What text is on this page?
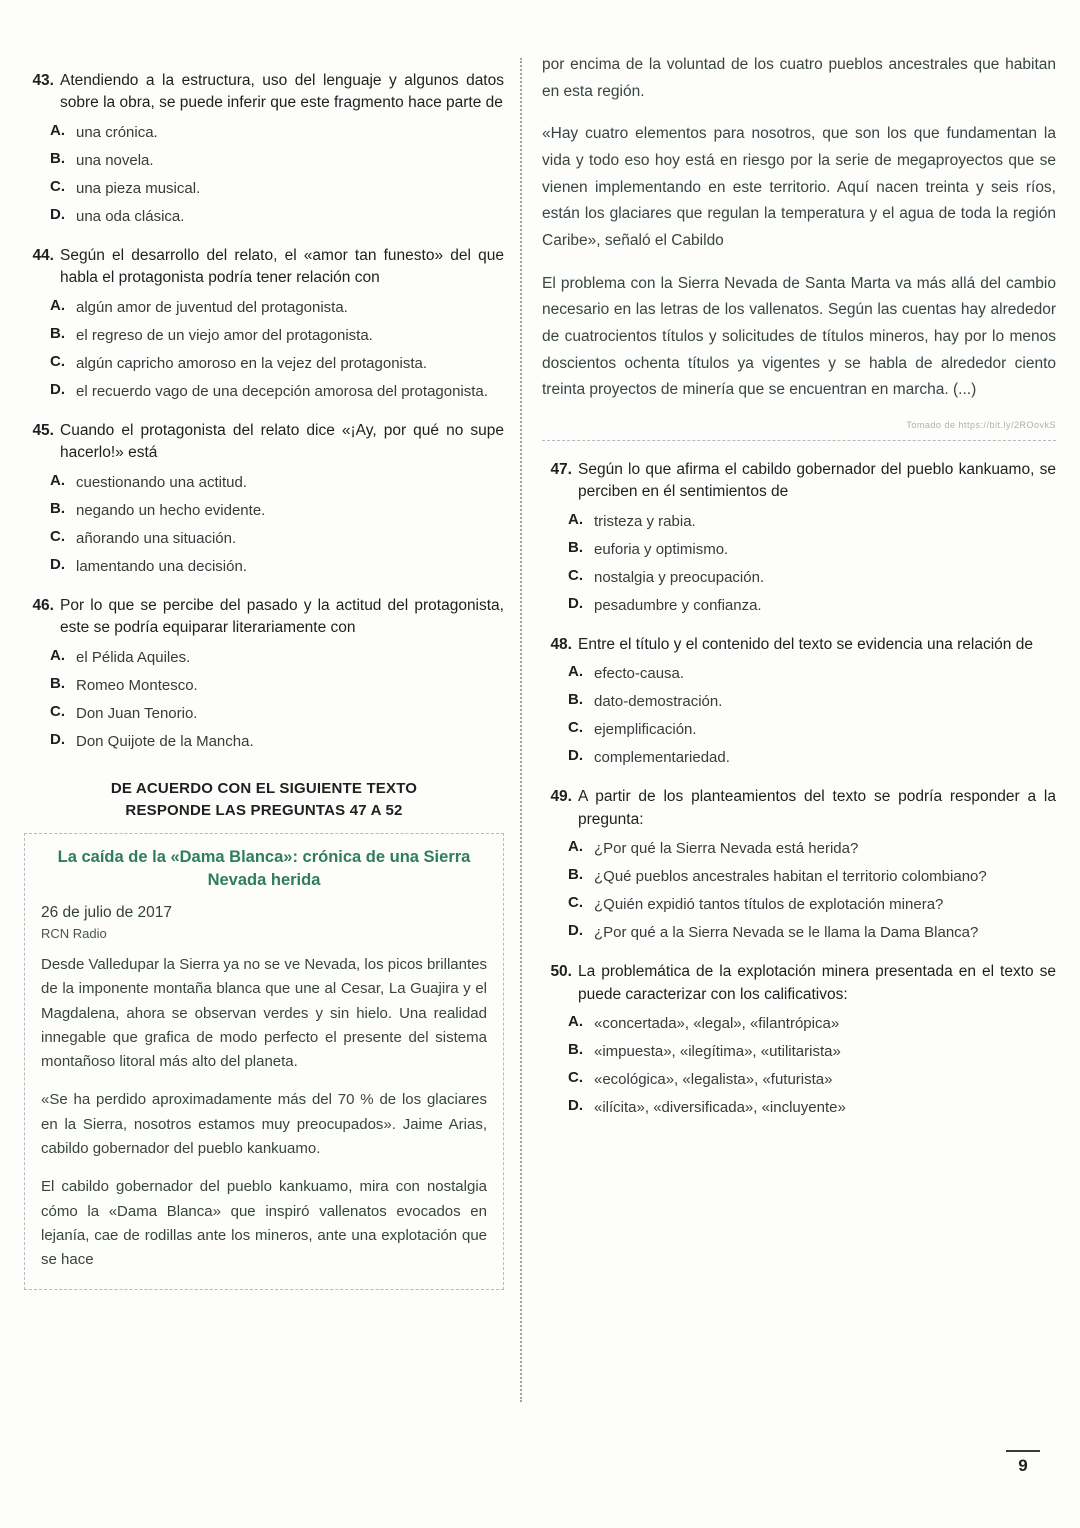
43. Atendiendo a la estructura, uso del lenguaje y algunos datos sobre la obra, se puede inferir que este fragmento hace parte de
A. una crónica.
B. una novela.
C. una pieza musical.
D. una oda clásica.
44. Según el desarrollo del relato, el «amor tan funesto» del que habla el protagonista podría tener relación con
A. algún amor de juventud del protagonista.
B. el regreso de un viejo amor del protagonista.
C. algún capricho amoroso en la vejez del protagonista.
D. el recuerdo vago de una decepción amorosa del protagonista.
45. Cuando el protagonista del relato dice «¡Ay, por qué no supe hacerlo!» está
A. cuestionando una actitud.
B. negando un hecho evidente.
C. añorando una situación.
D. lamentando una decisión.
46. Por lo que se percibe del pasado y la actitud del protagonista, este se podría equiparar literariamente con
A. el Pélida Aquiles.
B. Romeo Montesco.
C. Don Juan Tenorio.
D. Don Quijote de la Mancha.
DE ACUERDO CON EL SIGUIENTE TEXTO
RESPONDE LAS PREGUNTAS 47 A 52
La caída de la «Dama Blanca»: crónica de una Sierra Nevada herida
26 de julio de 2017
RCN Radio

Desde Valledupar la Sierra ya no se ve Nevada, los picos brillantes de la imponente montaña blanca que une al Cesar, La Guajira y el Magdalena, ahora se observan verdes y sin hielo. Una realidad innegable que grafica de modo perfecto el presente del sistema montañoso litoral más alto del planeta.

«Se ha perdido aproximadamente más del 70 % de los glaciares en la Sierra, nosotros estamos muy preocupados». Jaime Arias, cabildo gobernador del pueblo kankuamo.

El cabildo gobernador del pueblo kankuamo, mira con nostalgia cómo la «Dama Blanca» que inspiró vallenatos evocados en lejanía, cae de rodillas ante los mineros, ante una explotación que se hace

por encima de la voluntad de los cuatro pueblos ancestrales que habitan en esta región.

«Hay cuatro elementos para nosotros, que son los que fundamentan la vida y todo eso hoy está en riesgo por la serie de megaproyectos que se vienen implementando en este territorio. Aquí nacen treinta y seis ríos, están los glaciares que regulan la temperatura y el agua de toda la región Caribe», señaló el Cabildo

El problema con la Sierra Nevada de Santa Marta va más allá del cambio necesario en las letras de los vallenatos. Según las cuentas hay alrededor de cuatrocientos títulos y solicitudes de títulos mineros, hay por lo menos doscientos ochenta títulos ya vigentes y se habla de alrededor ciento treinta proyectos de minería que se encuentran en marcha. (...)

Tomado de https://bit.ly/2ROovkS
47. Según lo que afirma el cabildo gobernador del pueblo kankuamo, se perciben en él sentimientos de
A. tristeza y rabia.
B. euforia y optimismo.
C. nostalgia y preocupación.
D. pesadumbre y confianza.
48. Entre el título y el contenido del texto se evidencia una relación de
A. efecto-causa.
B. dato-demostración.
C. ejemplificación.
D. complementariedad.
49. A partir de los planteamientos del texto se podría responder a la pregunta:
A. ¿Por qué la Sierra Nevada está herida?
B. ¿Qué pueblos ancestrales habitan el territorio colombiano?
C. ¿Quién expidió tantos títulos de explotación minera?
D. ¿Por qué a la Sierra Nevada se le llama la Dama Blanca?
50. La problemática de la explotación minera presentada en el texto se puede caracterizar con los calificativos:
A. «concertada», «legal», «filantrópica»
B. «impuesta», «ilegítima», «utilitarista»
C. «ecológica», «legalista», «futurista»
D. «ilícita», «diversificada», «incluyente»
9
